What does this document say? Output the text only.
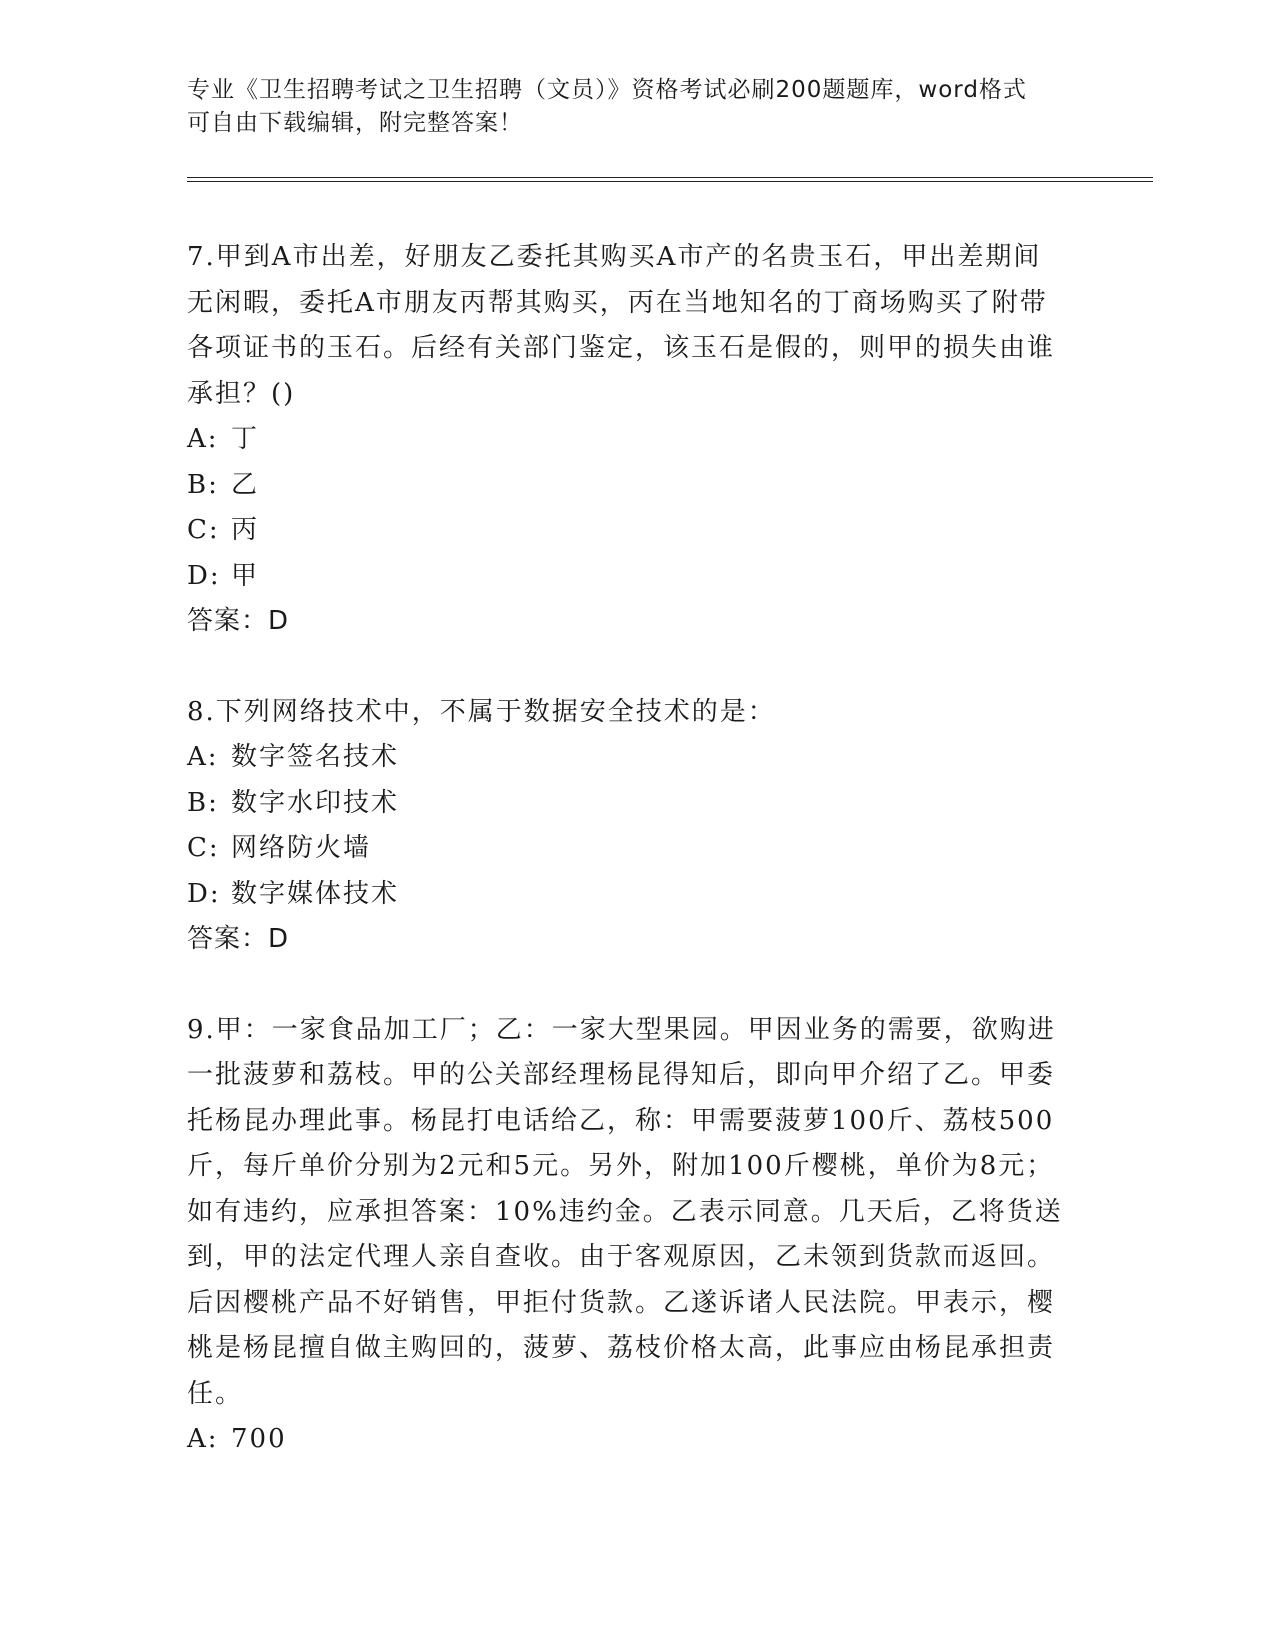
专业《卫生招聘考试之卫生招聘（文员）》资格考试必刷200题题库，word格式
可自由下载编辑，附完整答案！

7.甲到A市出差，好朋友乙委托其购买A市产的名贵玉石，甲出差期间无闲暇，委托A市朋友丙帮其购买，丙在当地知名的丁商场购买了附带各项证书的玉石。后经有关部门鉴定，该玉石是假的，则甲的损失由谁承担？()

A: 丁

B: 乙

C: 丙

D: 甲

答案：D

8.下列网络技术中，不属于数据安全技术的是：

A: 数字签名技术

B: 数字水印技术

C: 网络防火墙

D: 数字媒体技术

答案：D

9.甲：一家食品加工厂；乙：一家大型果园。甲因业务的需要，欲购进一批菠萝和荔枝。甲的公关部经理杨昆得知后，即向甲介绍了乙。甲委托杨昆办理此事。杨昆打电话给乙，称：甲需要菠萝100斤、荔枝500斤，每斤单价分别为2元和5元。另外，附加100斤樱桃，单价为8元；如有违约，应承担答案：10%违约金。乙表示同意。几天后，乙将货送到，甲的法定代理人亲自查收。由于客观原因，乙未领到货款而返回。后因樱桃产品不好销售，甲拒付货款。乙遂诉诸人民法院。甲表示，樱桃是杨昆擅自做主购回的，菠萝、荔枝价格太高，此事应由杨昆承担责任。

A: 700
